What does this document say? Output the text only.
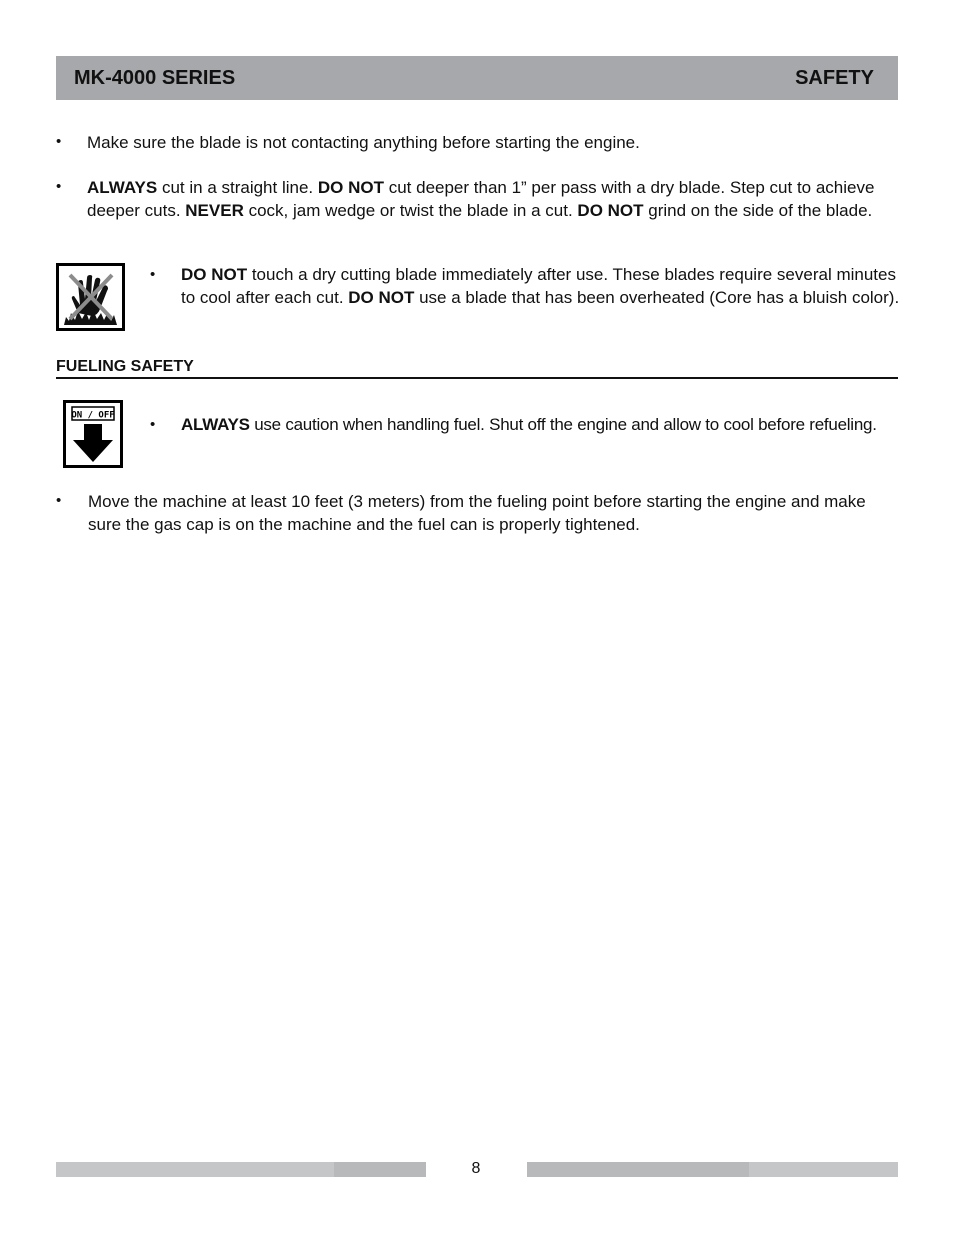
MK-4000 SERIES	SAFETY
• Make sure the blade is not contacting anything before starting the engine.
• ALWAYS cut in a straight line. DO NOT cut deeper than 1” per pass with a dry blade. Step cut to achieve deeper cuts. NEVER cock, jam wedge or twist the blade in a cut. DO NOT grind on the side of the blade.
• DO NOT touch a dry cutting blade immediately after use. These blades require several minutes to cool after each cut. DO NOT use a blade that has been overheated (Core has a bluish color).
FUELING SAFETY
ON / OFF
• ALWAYS use caution when handling fuel. Shut off the engine and allow to cool before refueling.
• Move the machine at least 10 feet (3 meters) from the fueling point before starting the engine and make sure the gas cap is on the machine and the fuel can is properly tightened.
8
